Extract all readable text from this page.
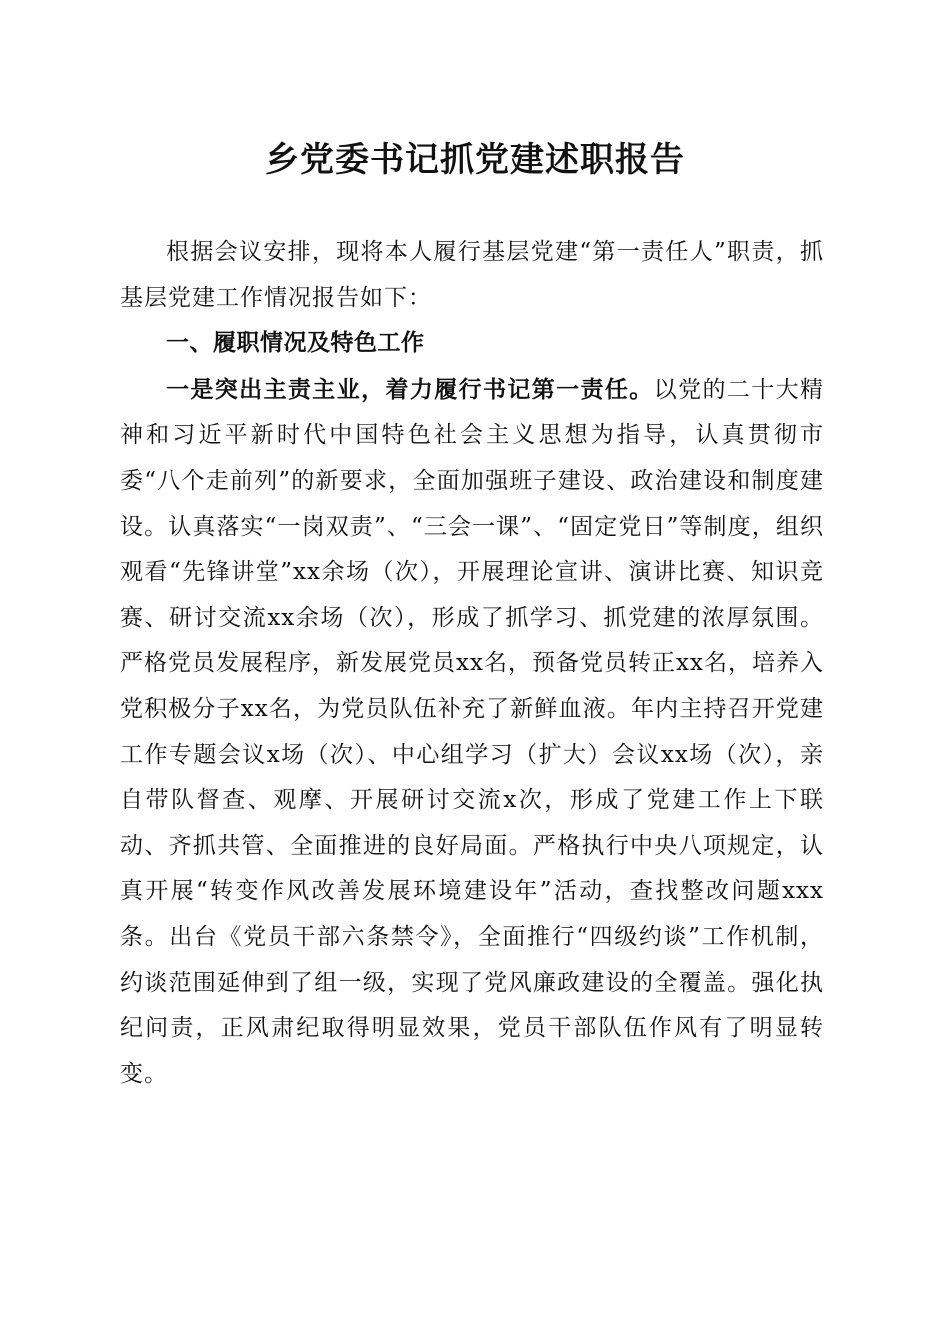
乡党委书记抓党建述职报告

根据会议安排，现将本人履行基层党建“第一责任人”职责，抓基层党建工作情况报告如下：

一、履职情况及特色工作

一是突出主责主业，着力履行书记第一责任。以党的二十大精神和习近平新时代中国特色社会主义思想为指导，认真贯彻市委“八个走前列”的新要求，全面加强班子建设、政治建设和制度建设。认真落实“一岗双责”、“三会一课”、“固定党日”等制度，组织观看“先锋讲堂”xx余场（次），开展理论宣讲、演讲比赛、知识竞赛、研讨交流xx余场（次），形成了抓学习、抓党建的浓厚氛围。严格党员发展程序，新发展党员xx名，预备党员转正xx名，培养入党积极分子xx名，为党员队伍补充了新鲜血液。年内主持召开党建工作专题会议x场（次）、中心组学习（扩大）会议xx场（次），亲自带队督查、观摩、开展研讨交流x次，形成了党建工作上下联动、齐抓共管、全面推进的良好局面。严格执行中央八项规定，认真开展“转变作风改善发展环境建设年”活动，查找整改问题xxx条。出台《党员干部六条禁令》，全面推行“四级约谈”工作机制，约谈范围延伸到了组一级，实现了党风廉政建设的全覆盖。强化执纪问责，正风肃纪取得明显效果，党员干部队伍作风有了明显转变。
